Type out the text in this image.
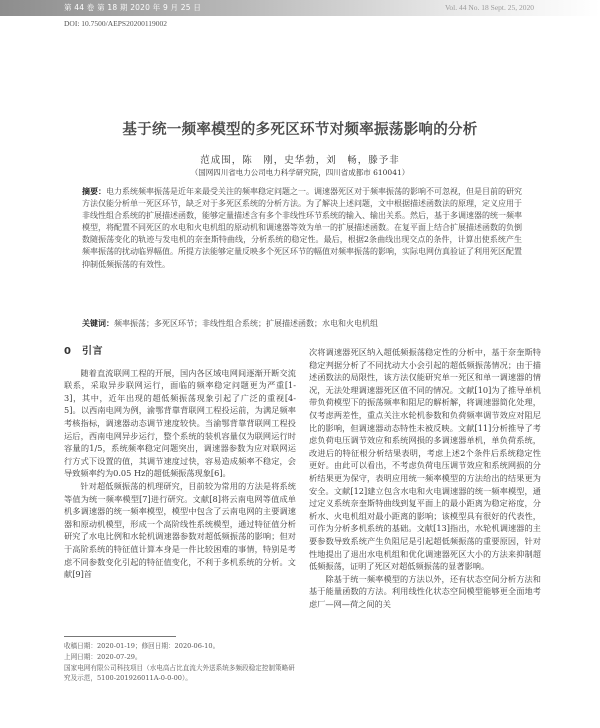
第 44 卷 第 18 期 2020 年 9 月 25 日	Vol. 44 No. 18 Sept. 25, 2020
DOI: 10.7500/AEPS20200119002
基于统一频率模型的多死区环节对频率振荡影响的分析
范成围，陈　刚，史华勃，刘　畅，滕予非
（国网四川省电力公司电力科学研究院，四川省成都市 610041）
摘要：电力系统频率振荡是近年来最受关注的频率稳定问题之一。调速器死区对于频率振荡的影响不可忽视，但是目前的研究方法仅能分析单一死区环节，缺乏对于多死区系统的分析方法。为了解决上述问题，文中根据描述函数法的原理，定义应用于非线性组合系统的扩展描述函数，能够定量描述含有多个非线性环节系统的输入、输出关系。然后，基于多调速器的统一频率模型，将配置不同死区的水电和火电机组的原动机和调速器等效为单一的扩展描述函数。在复平面上结合扩展描述函数的负倒数随振荡变化的轨迹与发电机的奈奎斯特曲线，分析系统的稳定性。最后，根据2条曲线出现交点的条件，计算出使系统产生频率振荡的扰动临界幅值。所提方法能够定量反映多个死区环节的幅值对频率振荡的影响，实际电网仿真验证了利用死区配置抑制低频振荡的有效性。
关键词：频率振荡；多死区环节；非线性组合系统；扩展描述函数；水电和火电机组
0　引言

随着直流联网工程的开展，国内各区域电网间逐渐开断交流联系，采取异步联网运行，面临的频率稳定问题更为严重[1-3]，其中，近年出现的超低频振荡现象引起了广泛的重视[4-5]。以西南电网为例，渝鄂背靠背联网工程投运前，为满足频率考核指标，调速器动态调节速度较快。当渝鄂背靠背联网工程投运后，西南电网异步运行，整个系统的装机容量仅为联网运行时容量的1/5，系统频率稳定问题突出，调速器参数为应对联网运行方式下设置的值，其调节速度过快，容易造成频率不稳定，会导致频率约为0.05 Hz的超低频振荡现象[6]。

针对超低频振荡的机理研究，目前较为常用的方法是将系统等值为统一频率模型[7]进行研究。文献[8]将云南电网等值成单机多调速器的统一频率模型，模型中包含了云南电网的主要调速器和原动机模型，形成一个高阶线性系统模型，通过特征值分析研究了水电比例和水轮机调速器参数对超低频振荡的影响；但对于高阶系统的特征值计算本身是一件比较困难的事情，特别是考虑不同参数变化引起的特征值变化，不利于多机系统的分析。文献[9]首

次将调速器死区纳入超低频振荡稳定性的分析中，基于奈奎斯特稳定判据分析了不同扰动大小会引起的超低频振荡情况；由于描述函数法的局限性，该方法仅能研究单一死区和单一调速器的情况，无法处理调速器死区值不同的情况。文献[10]为了推导单机带负荷模型下的振荡频率和阻尼的解析解，将调速器简化处理，仅考虑两差性，重点关注水轮机参数和负荷频率调节效应对阻尼比的影响，但调速器动态特性未被反映。文献[11]分析推导了考虑负荷电压调节效应和系统网损的多调速器单机，单负荷系统，改进后的特征根分析结果表明，考虑上述2个条件后系统稳定性更好。由此可以看出，不考虑负荷电压调节效应和系统网损的分析结果更为保守，表明应用统一频率模型的方法给出的结果更为安全。文献[12]建立包含水电和火电调速器的统一频率模型，通过定义系统奈奎斯特曲线到复平面上的最小距离为稳定裕度，分析水、火电机组对最小距离的影响；该模型具有很好的代表性，可作为分析多机系统的基础。文献[13]指出，水轮机调速器的主要参数导致系统产生负阻尼是引起超低频振荡的重要原因，针对性地提出了退出水电机组和优化调速器死区大小的方法来抑制超低频振荡，证明了死区对超低频振荡的显著影响。

除基于统一频率模型的方法以外，还有状态空间分析方法和基于能量函数的方法。利用线性化状态空间模型能够更全面地考虑厂—网—荷之间的关

收稿日期：2020-01-19；修回日期：2020-06-10。
上网日期：2020-07-29。
国家电网有限公司科技项目（水电高占比直流大外送系统多频段稳定控制策略研究及示范，5100-201926011A-0-0-00）。
